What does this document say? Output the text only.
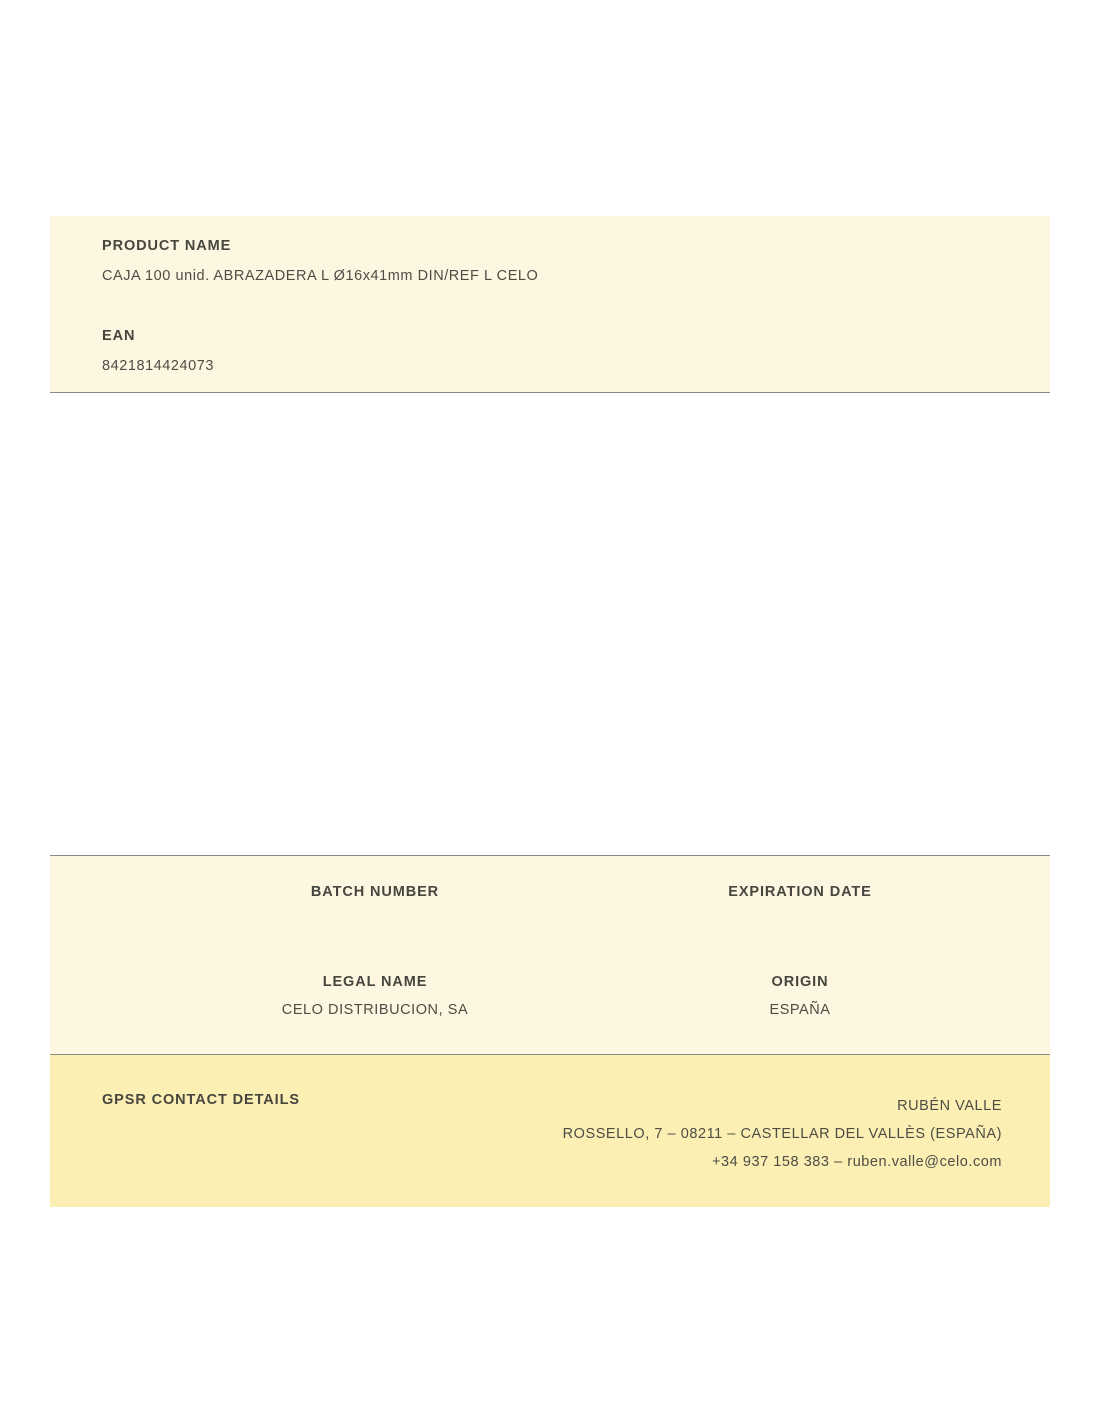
PRODUCT NAME
CAJA 100 unid. ABRAZADERA L Ø16x41mm DIN/REF L CELO
EAN
8421814424073
BATCH NUMBER	EXPIRATION DATE
LEGAL NAME
CELO DISTRIBUCION, SA
ORIGIN
ESPAÑA
GPSR CONTACT DETAILS	RUBÉN VALLE
ROSSELLO, 7 – 08211 – CASTELLAR DEL VALLÈS (ESPAÑA)
+34 937 158 383 – ruben.valle@celo.com
